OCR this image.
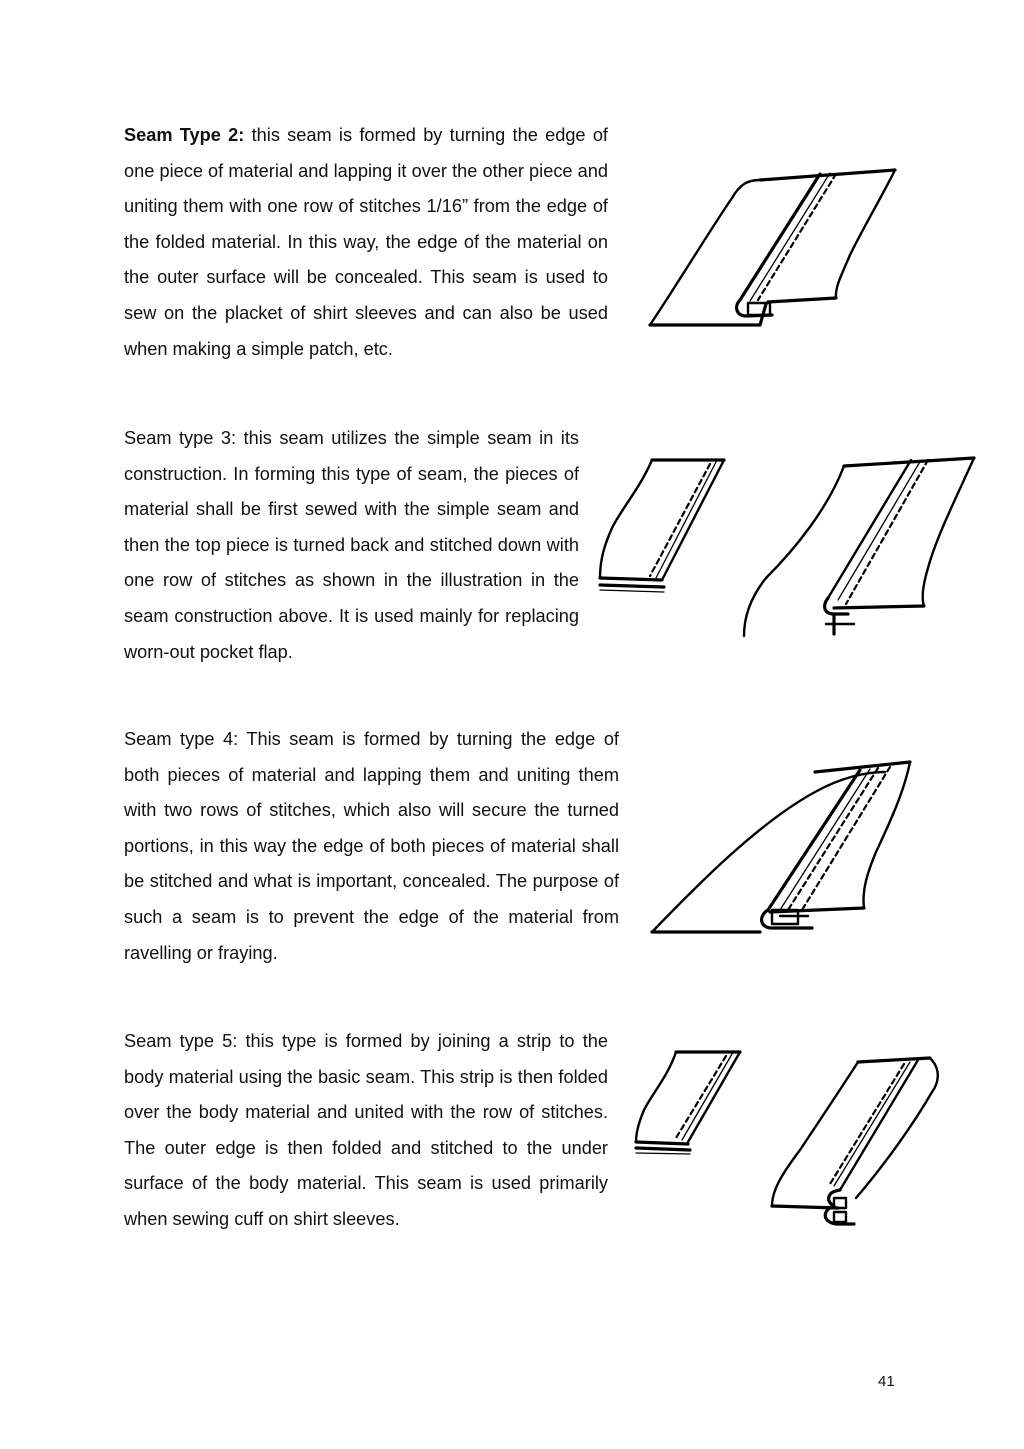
Seam Type 2: this seam is formed by turning the edge of one piece of material and lapping it over the other piece and uniting them with one row of stitches 1/16” from the edge of the folded material. In this way, the edge of the material on the outer surface will be concealed. This seam is used to sew on the placket of shirt sleeves and can also be used when making a simple patch, etc.

Seam type 3: this seam utilizes the simple seam in its construction. In forming this type of seam, the pieces of material shall be first sewed with the simple seam and then the top piece is turned back and stitched down with one row of stitches as shown in the illustration in the seam construction above. It is used mainly for replacing worn-out pocket flap.

Seam type 4: This seam is formed by turning the edge of both pieces of material and lapping them and uniting them with two rows of stitches, which also will secure the turned portions, in this way the edge of both pieces of material shall be stitched and what is important, concealed. The purpose of such a seam is to prevent the edge of the material from ravelling or fraying.

Seam type 5: this type is formed by joining a strip to the body material using the basic seam. This strip is then folded over the body material and united with the row of stitches. The outer edge is then folded and stitched to the under surface of the body material. This seam is used primarily when sewing cuff on shirt sleeves.

41
